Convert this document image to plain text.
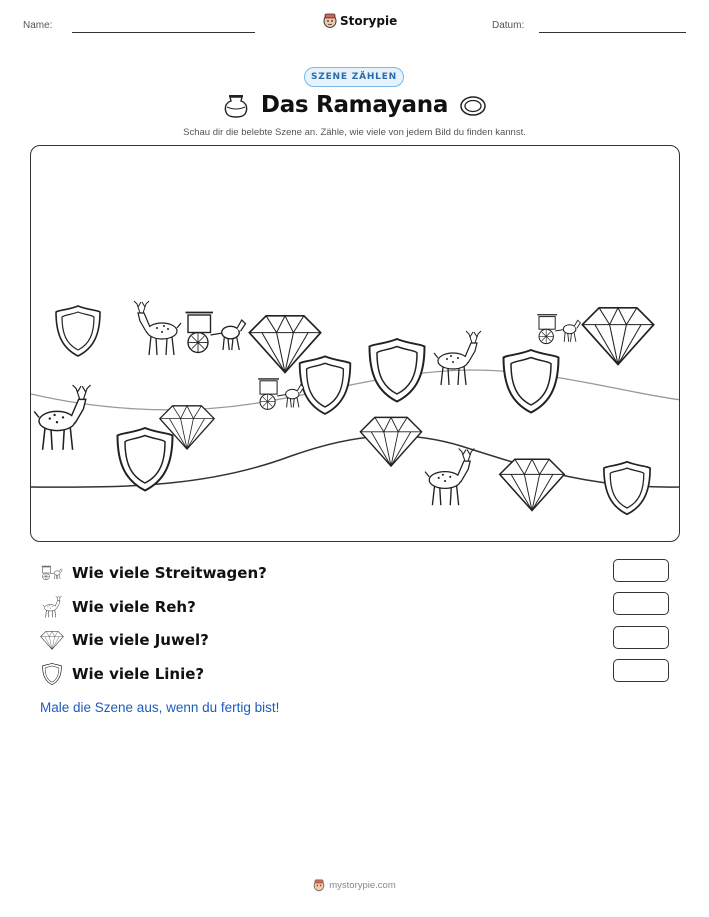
Name:	Storypie	Datum:
SZENE ZÄHLEN
Das Ramayana
Schau dir die belebte Szene an. Zähle, wie viele von jedem Bild du finden kannst.
Wie viele Streitwagen?
Wie viele Reh?
Wie viele Juwel?
Wie viele Linie?
Male die Szene aus, wenn du fertig bist!
mystorypie.com
